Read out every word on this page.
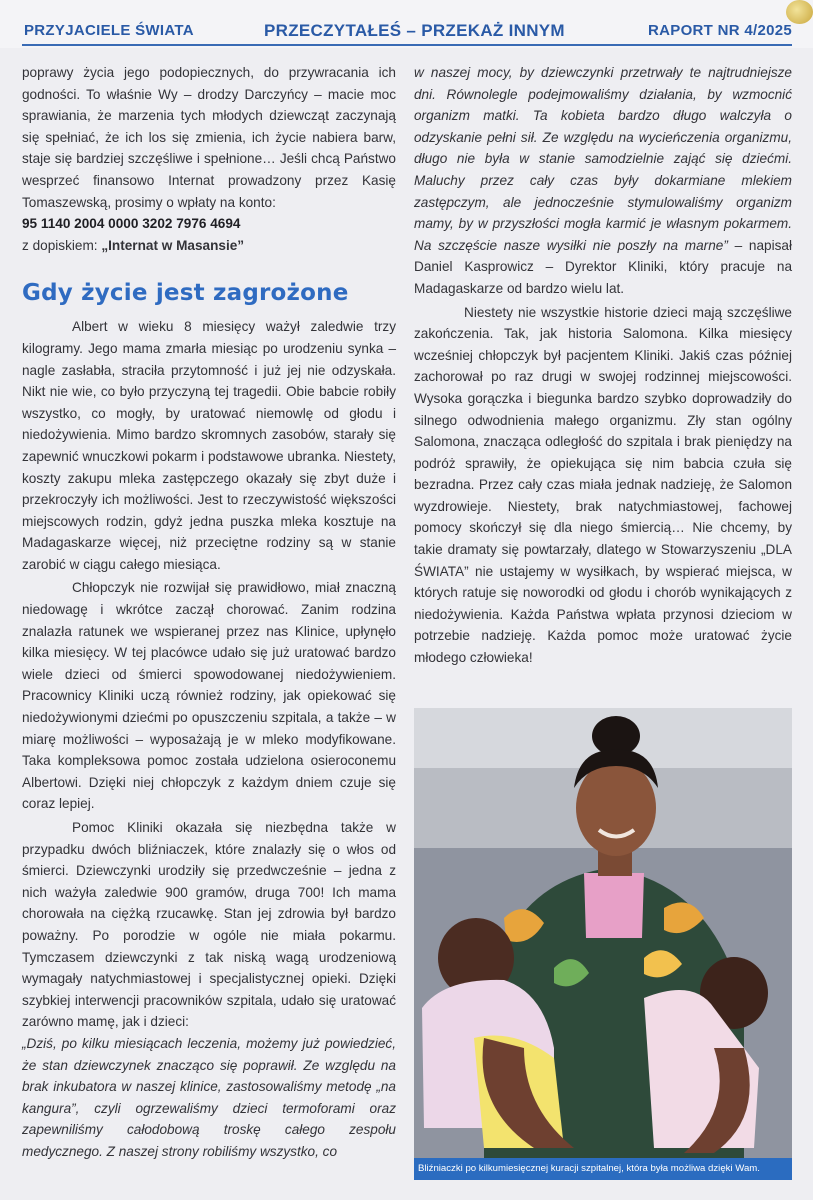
PRZYJACIELE ŚWIATA	PRZECZYTAŁEŚ – PRZEKAŻ INNYM	RAPORT NR 4/2025

poprawy życia jego podopiecznych, do przywracania ich godności. To właśnie Wy – drodzy Darczyńcy – macie moc sprawiania, że marzenia tych młodych dziewcząt zaczynają się spełniać, że ich los się zmienia, ich życie nabiera barw, staje się bardziej szczęśliwe i spełnione… Jeśli chcą Państwo wesprzeć finansowo Internat prowadzony przez Kasię Tomaszewską, prosimy o wpłaty na konto:

95 1140 2004 0000 3202 7976 4694

z dopiskiem: „Internat w Masansie”

Gdy życie jest zagrożone

Albert w wieku 8 miesięcy ważył zaledwie trzy kilogramy. Jego mama zmarła miesiąc po urodzeniu synka – nagle zasłabła, straciła przytomność i już jej nie odzyskała. Nikt nie wie, co było przyczyną tej tragedii. Obie babcie robiły wszystko, co mogły, by uratować niemowlę od głodu i niedożywienia. Mimo bardzo skromnych zasobów, starały się zapewnić wnuczkowi pokarm i podstawowe ubranka. Niestety, koszty zakupu mleka zastępczego okazały się zbyt duże i przekroczyły ich możliwości. Jest to rzeczywistość większości miejscowych rodzin, gdyż jedna puszka mleka kosztuje na Madagaskarze więcej, niż przeciętne rodziny są w stanie zarobić w ciągu całego miesiąca.

Chłopczyk nie rozwijał się prawidłowo, miał znaczną niedowagę i wkrótce zaczął chorować. Zanim rodzina znalazła ratunek we wspieranej przez nas Klinice, upłynęło kilka miesięcy. W tej placówce udało się już uratować bardzo wiele dzieci od śmierci spowodowanej niedożywieniem. Pracownicy Kliniki uczą również rodziny, jak opiekować się niedożywionymi dziećmi po opuszczeniu szpitala, a także – w miarę możliwości – wyposażają je w mleko modyfikowane. Taka kompleksowa pomoc została udzielona osieroconemu Albertowi. Dzięki niej chłopczyk z każdym dniem czuje się coraz lepiej.

Pomoc Kliniki okazała się niezbędna także w przypadku dwóch bliźniaczek, które znalazły się o włos od śmierci. Dziewczynki urodziły się przedwcześnie – jedna z nich ważyła zaledwie 900 gramów, druga 700! Ich mama chorowała na ciężką rzucawkę. Stan jej zdrowia był bardzo poważny. Po porodzie w ogóle nie miała pokarmu. Tymczasem dziewczynki z tak niską wagą urodzeniową wymagały natychmiastowej i specjalistycznej opieki. Dzięki szybkiej interwencji pracowników szpitala, udało się uratować zarówno mamę, jak i dzieci:

„Dziś, po kilku miesiącach leczenia, możemy już powiedzieć, że stan dziewczynek znacząco się poprawił. Ze względu na brak inkubatora w naszej klinice, zastosowaliśmy metodę „na kangura”, czyli ogrzewaliśmy dzieci termoforami oraz zapewniliśmy całodobową troskę całego zespołu medycznego. Z naszej strony robiliśmy wszystko, co

w naszej mocy, by dziewczynki przetrwały te najtrudniejsze dni. Równolegle podejmowaliśmy działania, by wzmocnić organizm matki. Ta kobieta bardzo długo walczyła o odzyskanie pełni sił. Ze względu na wycieńczenia organizmu, długo nie była w stanie samodzielnie zająć się dziećmi. Maluchy przez cały czas były dokarmiane mlekiem zastępczym, ale jednocześnie stymulowaliśmy organizm mamy, by w przyszłości mogła karmić je własnym pokarmem. Na szczęście nasze wysiłki nie poszły na marne” – napisał Daniel Kasprowicz – Dyrektor Kliniki, który pracuje na Madagaskarze od bardzo wielu lat.

Niestety nie wszystkie historie dzieci mają szczęśliwe zakończenia. Tak, jak historia Salomona. Kilka miesięcy wcześniej chłopczyk był pacjentem Kliniki. Jakiś czas później zachorował po raz drugi w swojej rodzinnej miejscowości. Wysoka gorączka i biegunka bardzo szybko doprowadziły do silnego odwodnienia małego organizmu. Zły stan ogólny Salomona, znacząca odległość do szpitala i brak pieniędzy na podróż sprawiły, że opiekująca się nim babcia czuła się bezradna. Przez cały czas miała jednak nadzieję, że Salomon wyzdrowieje. Niestety, brak natychmiastowej, fachowej pomocy skończył się dla niego śmiercią… Nie chcemy, by takie dramaty się powtarzały, dlatego w Stowarzyszeniu „DLA ŚWIATA” nie ustajemy w wysiłkach, by wspierać miejsca, w których ratuje się noworodki od głodu i chorób wynikających z niedożywienia. Każda Państwa wpłata przynosi dzieciom w potrzebie nadzieję. Każda pomoc może uratować życie młodego człowieka!

Bliźniaczki po kilkumiesięcznej kuracji szpitalnej, która była możliwa dzięki Wam.
